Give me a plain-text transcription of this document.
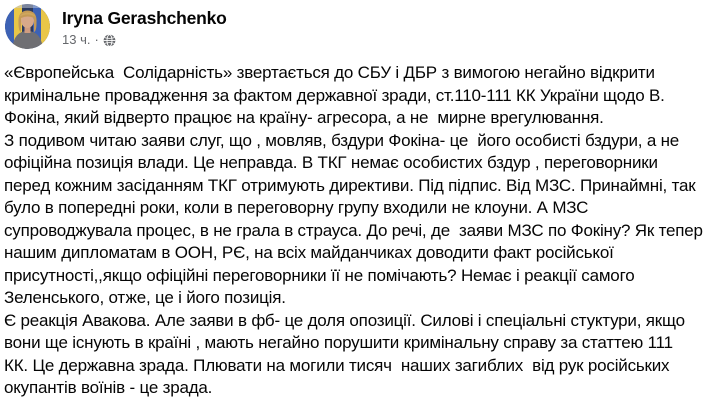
Iryna Gerashchenko
13 ч. ·
«Європейська  Солідарність» звертається до СБУ і ДБР з вимогою негайно відкрити
кримінальне провадження за фактом державної зради, ст.110-111 КК України щодо В.
Фокіна, який відверто працює на країну- агресора, а не  мирне врегулювання.
З подивом читаю заяви слуг, що , мовляв, бздури Фокіна- це  його особисті бздури, а не
офіційна позиція влади. Це неправда. В ТКГ немає особистих бздур , переговорники
перед кожним засіданням ТКГ отримують директиви. Під підпис. Від МЗС. Принаймні, так
було в попередні роки, коли в переговорну групу входили не клоуни. А МЗС
супроводжувала процес, в не грала в страуса. До речі, де  заяви МЗС по Фокіну? Як тепер
нашим дипломатам в ООН, РЄ, на всіх майданчиках доводити факт російської
присутності,,якщо офіційні переговорники її не помічають? Немає і реакції самого
Зеленського, отже, це і його позиція.
Є реакція Авакова. Але заяви в фб- це доля опозиції. Силові і спеціальні стуктури, якщо
вони ще існують в країні , мають негайно порушити кримінальну справу за статтею 111
КК. Це державна зрада. Плювати на могили тисяч  наших загиблих  від рук російських
окупантів воїнів - це зрада.
